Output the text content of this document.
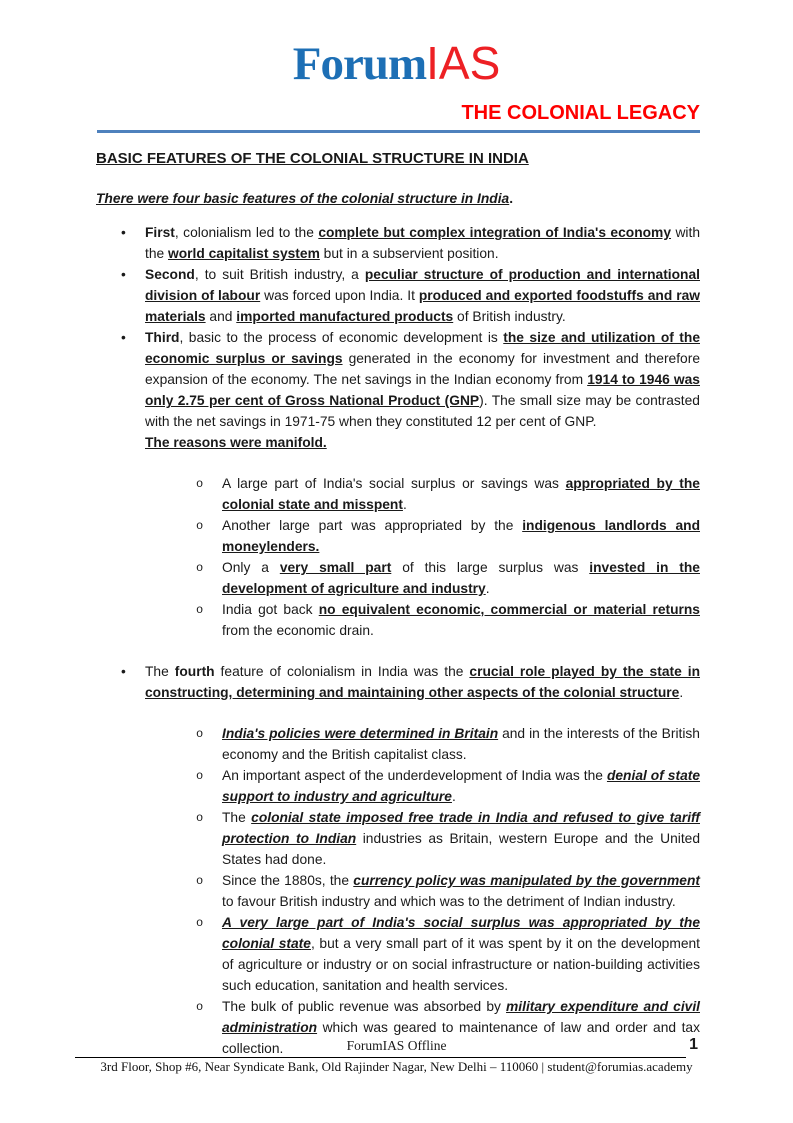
ForumIAS
THE COLONIAL LEGACY
BASIC FEATURES OF THE COLONIAL STRUCTURE IN INDIA

There were four basic features of the colonial structure in India.

• First, colonialism led to the complete but complex integration of India's economy with the world capitalist system but in a subservient position.
• Second, to suit British industry, a peculiar structure of production and international division of labour was forced upon India. It produced and exported foodstuffs and raw materials and imported manufactured products of British industry.
• Third, basic to the process of economic development is the size and utilization of the economic surplus or savings generated in the economy for investment and therefore expansion of the economy. The net savings in the Indian economy from 1914 to 1946 was only 2.75 per cent of Gross National Product (GNP). The small size may be contrasted with the net savings in 1971-75 when they constituted 12 per cent of GNP.
The reasons were manifold.
o A large part of India's social surplus or savings was appropriated by the colonial state and misspent.
o Another large part was appropriated by the indigenous landlords and moneylenders.
o Only a very small part of this large surplus was invested in the development of agriculture and industry.
o India got back no equivalent economic, commercial or material returns from the economic drain.
• The fourth feature of colonialism in India was the crucial role played by the state in constructing, determining and maintaining other aspects of the colonial structure.
o India's policies were determined in Britain and in the interests of the British economy and the British capitalist class.
o An important aspect of the underdevelopment of India was the denial of state support to industry and agriculture.
o The colonial state imposed free trade in India and refused to give tariff protection to Indian industries as Britain, western Europe and the United States had done.
o Since the 1880s, the currency policy was manipulated by the government to favour British industry and which was to the detriment of Indian industry.
o A very large part of India's social surplus was appropriated by the colonial state, but a very small part of it was spent by it on the development of agriculture or industry or on social infrastructure or nation-building activities such education, sanitation and health services.
o The bulk of public revenue was absorbed by military expenditure and civil administration which was geared to maintenance of law and order and tax collection.	ForumIAS Offline	1
3rd Floor, Shop #6, Near Syndicate Bank, Old Rajinder Nagar, New Delhi – 110060 | student@forumias.academy
